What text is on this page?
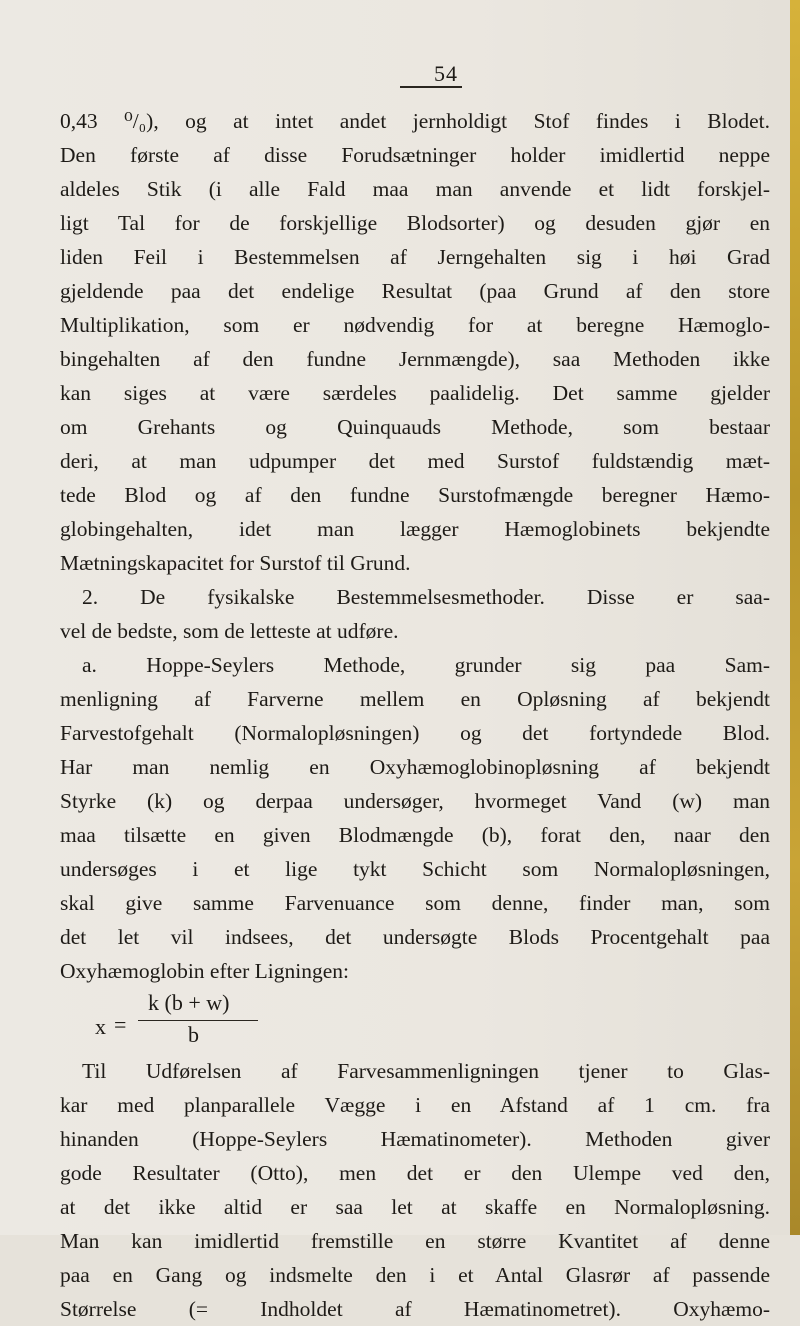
54
0,43 ⁰/₀), og at intet andet jernholdigt Stof findes i Blodet.
Den første af disse Forudsætninger holder imidlertid neppe
aldeles Stik (i alle Fald maa man anvende et lidt forskjel-
ligt Tal for de forskjellige Blodsorter) og desuden gjør en
liden Feil i Bestemmelsen af Jerngehalten sig i høi Grad
gjeldende paa det endelige Resultat (paa Grund af den store
Multiplikation, som er nødvendig for at beregne Hæmoglo-
bingehalten af den fundne Jernmængde), saa Methoden ikke
kan siges at være særdeles paalidelig. Det samme gjelder
om Grehants og Quinquauds Methode, som bestaar
deri, at man udpumper det med Surstof fuldstændig mæt-
tede Blod og af den fundne Surstofmængde beregner Hæmo-
globingehalten, idet man lægger Hæmoglobinets bekjendte
Mætningskapacitet for Surstof til Grund.
2. De fysikalske Bestemmelsesmethoder. Disse er saa-
vel de bedste, som de letteste at udføre.
a. Hoppe-Seylers Methode, grunder sig paa Sam-
menligning af Farverne mellem en Opløsning af bekjendt
Farvestofgehalt (Normalopløsningen) og det fortyndede Blod.
Har man nemlig en Oxyhæmoglobinopløsning af bekjendt
Styrke (k) og derpaa undersøger, hvormeget Vand (w) man
maa tilsætte en given Blodmængde (b), forat den, naar den
undersøges i et lige tykt Schicht som Normalopløsningen,
skal give samme Farvenuance som denne, finder man, som
det let vil indsees, det undersøgte Blods Procentgehalt paa
Oxyhæmoglobin efter Ligningen:
x =
k (b + w)
b
Til Udførelsen af Farvesammenligningen tjener to Glas-
kar med planparallele Vægge i en Afstand af 1 cm. fra
hinanden (Hoppe-Seylers Hæmatinometer). Methoden giver
gode Resultater (Otto), men det er den Ulempe ved den,
at det ikke altid er saa let at skaffe en Normalopløsning.
Man kan imidlertid fremstille en større Kvantitet af denne
paa en Gang og indsmelte den i et Antal Glasrør af passende
Størrelse (= Indholdet af Hæmatinometret). Oxyhæmo-
